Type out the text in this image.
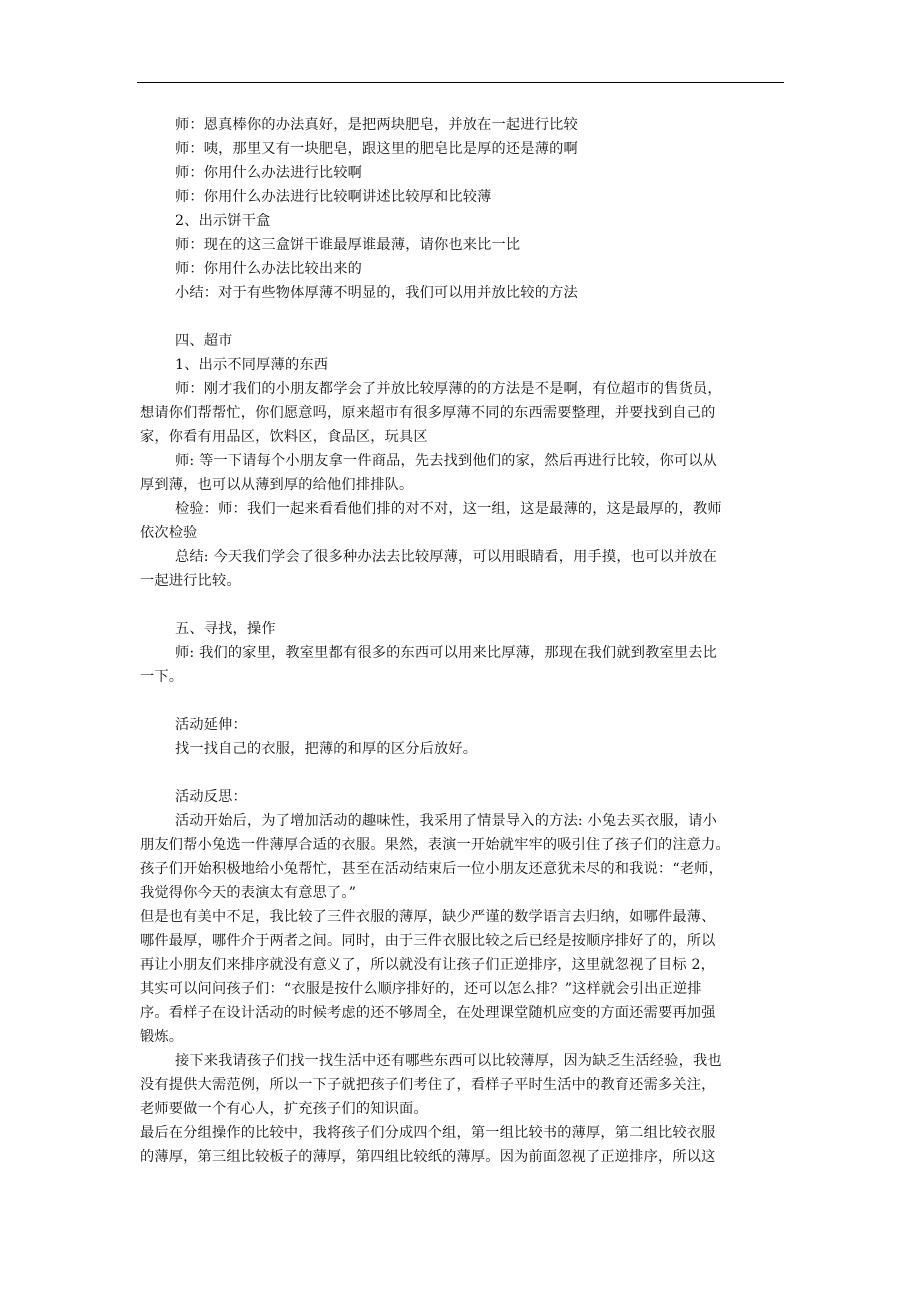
师：恩真棒你的办法真好，是把两块肥皂，并放在一起进行比较
师：咦，那里又有一块肥皂，跟这里的肥皂比是厚的还是薄的啊
师：你用什么办法进行比较啊
师：你用什么办法进行比较啊讲述比较厚和比较薄
2、出示饼干盒
师：现在的这三盒饼干谁最厚谁最薄，请你也来比一比
师：你用什么办法比较出来的
小结：对于有些物体厚薄不明显的，我们可以用并放比较的方法
四、超市
1、出示不同厚薄的东西
师：刚才我们的小朋友都学会了并放比较厚薄的的方法是不是啊，有位超市的售货员，
想请你们帮帮忙，你们愿意吗，原来超市有很多厚薄不同的东西需要整理，并要找到自己的
家，你看有用品区，饮料区，食品区，玩具区
师: 等一下请每个小朋友拿一件商品，先去找到他们的家，然后再进行比较，你可以从
厚到薄，也可以从薄到厚的给他们排排队。
检验：师：我们一起来看看他们排的对不对，这一组，这是最薄的，这是最厚的，教师
依次检验
总结: 今天我们学会了很多种办法去比较厚薄，可以用眼睛看，用手摸，也可以并放在
一起进行比较。
五、寻找，操作
师: 我们的家里，教室里都有很多的东西可以用来比厚薄，那现在我们就到教室里去比
一下。
活动延伸：
找一找自己的衣服，把薄的和厚的区分后放好。
活动反思：
活动开始后，为了增加活动的趣味性，我采用了情景导入的方法: 小兔去买衣服，请小
朋友们帮小兔选一件薄厚合适的衣服。果然，表演一开始就牢牢的吸引住了孩子们的注意力。
孩子们开始积极地给小兔帮忙，甚至在活动结束后一位小朋友还意犹未尽的和我说：“老师，
我觉得你今天的表演太有意思了。”
但是也有美中不足，我比较了三件衣服的薄厚，缺少严谨的数学语言去归纳，如哪件最薄、
哪件最厚，哪件介于两者之间。同时，由于三件衣服比较之后已经是按顺序排好了的，所以
再让小朋友们来排序就没有意义了，所以就没有让孩子们正逆排序，这里就忽视了目标 2，
其实可以问问孩子们：“衣服是按什么顺序排好的，还可以怎么排？”这样就会引出正逆排
序。看样子在设计活动的时候考虑的还不够周全，在处理课堂随机应变的方面还需要再加强
锻炼。
接下来我请孩子们找一找生活中还有哪些东西可以比较薄厚，因为缺乏生活经验，我也
没有提供大需范例，所以一下子就把孩子们考住了，看样子平时生活中的教育还需多关注，
老师要做一个有心人，扩充孩子们的知识面。
最后在分组操作的比较中，我将孩子们分成四个组，第一组比较书的薄厚，第二组比较衣服
的薄厚，第三组比较板子的薄厚，第四组比较纸的薄厚。因为前面忽视了正逆排序，所以这
